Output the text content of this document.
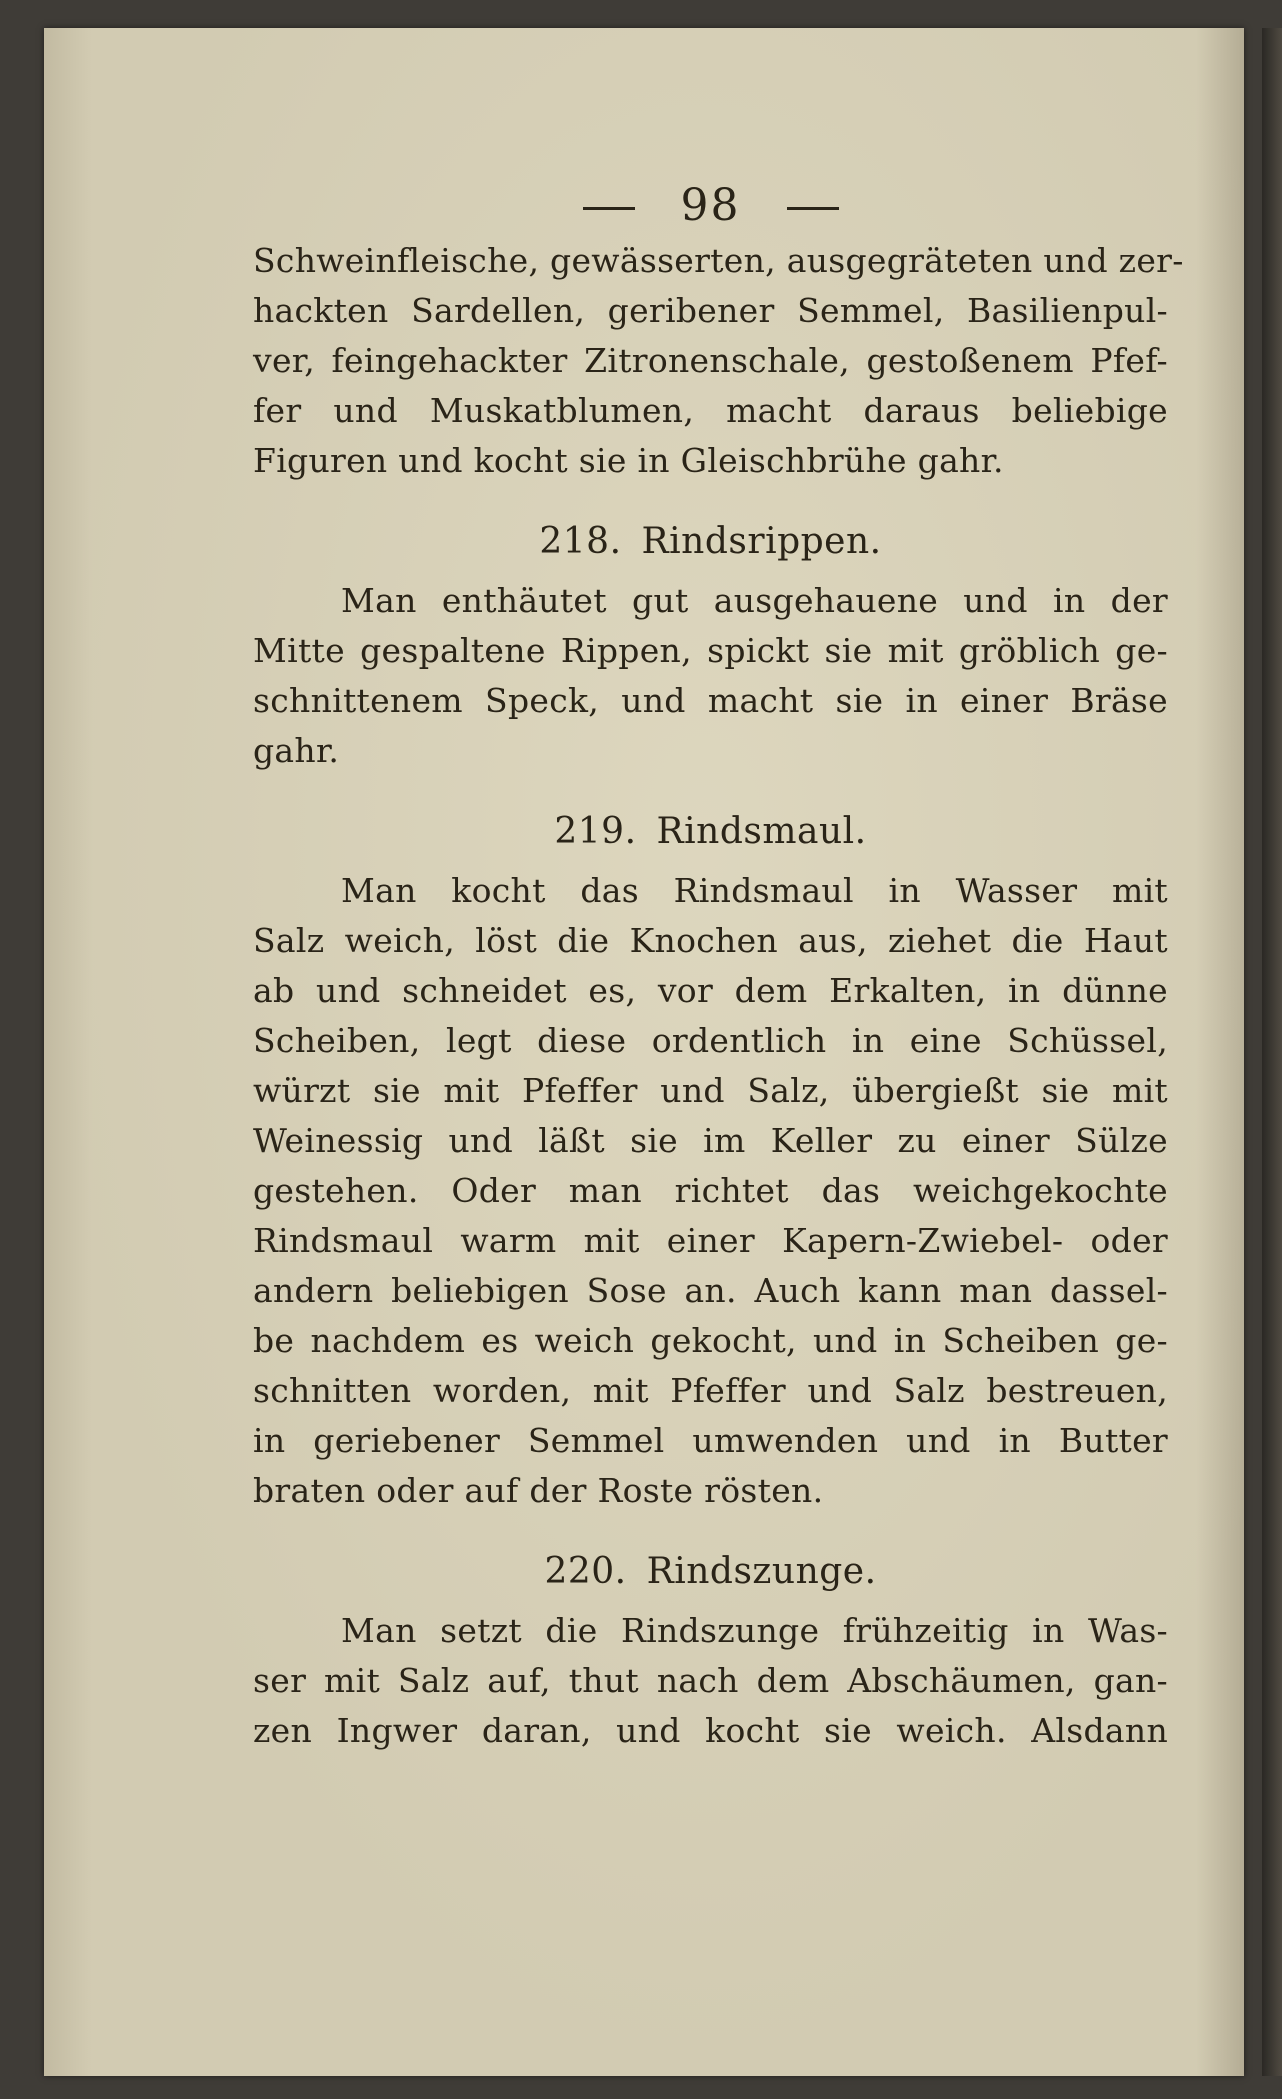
98

Schweinfleische, gewässerten, ausgegräteten und zer-

hackten Sardellen, geribener Semmel, Basilienpul-

ver, feingehackter Zitronenschale, gestoßenem Pfef-

fer und Muskatblumen, macht daraus beliebige

Figuren und kocht sie in Gleischbrühe gahr.

218. Rindsrippen.

Man enthäutet gut ausgehauene und in der

Mitte gespaltene Rippen, spickt sie mit gröblich ge-

schnittenem Speck, und macht sie in einer Bräse

gahr.

219. Rindsmaul.

Man kocht das Rindsmaul in Wasser mit

Salz weich, löst die Knochen aus, ziehet die Haut

ab und schneidet es, vor dem Erkalten, in dünne

Scheiben, legt diese ordentlich in eine Schüssel,

würzt sie mit Pfeffer und Salz, übergießt sie mit

Weinessig und läßt sie im Keller zu einer Sülze

gestehen. Oder man richtet das weichgekochte

Rindsmaul warm mit einer Kapern-Zwiebel- oder

andern beliebigen Sose an. Auch kann man dassel-

be nachdem es weich gekocht, und in Scheiben ge-

schnitten worden, mit Pfeffer und Salz bestreuen,

in geriebener Semmel umwenden und in Butter

braten oder auf der Roste rösten.

220. Rindszunge.

Man setzt die Rindszunge frühzeitig in Was-

ser mit Salz auf, thut nach dem Abschäumen, gan-

zen Ingwer daran, und kocht sie weich. Alsdann
